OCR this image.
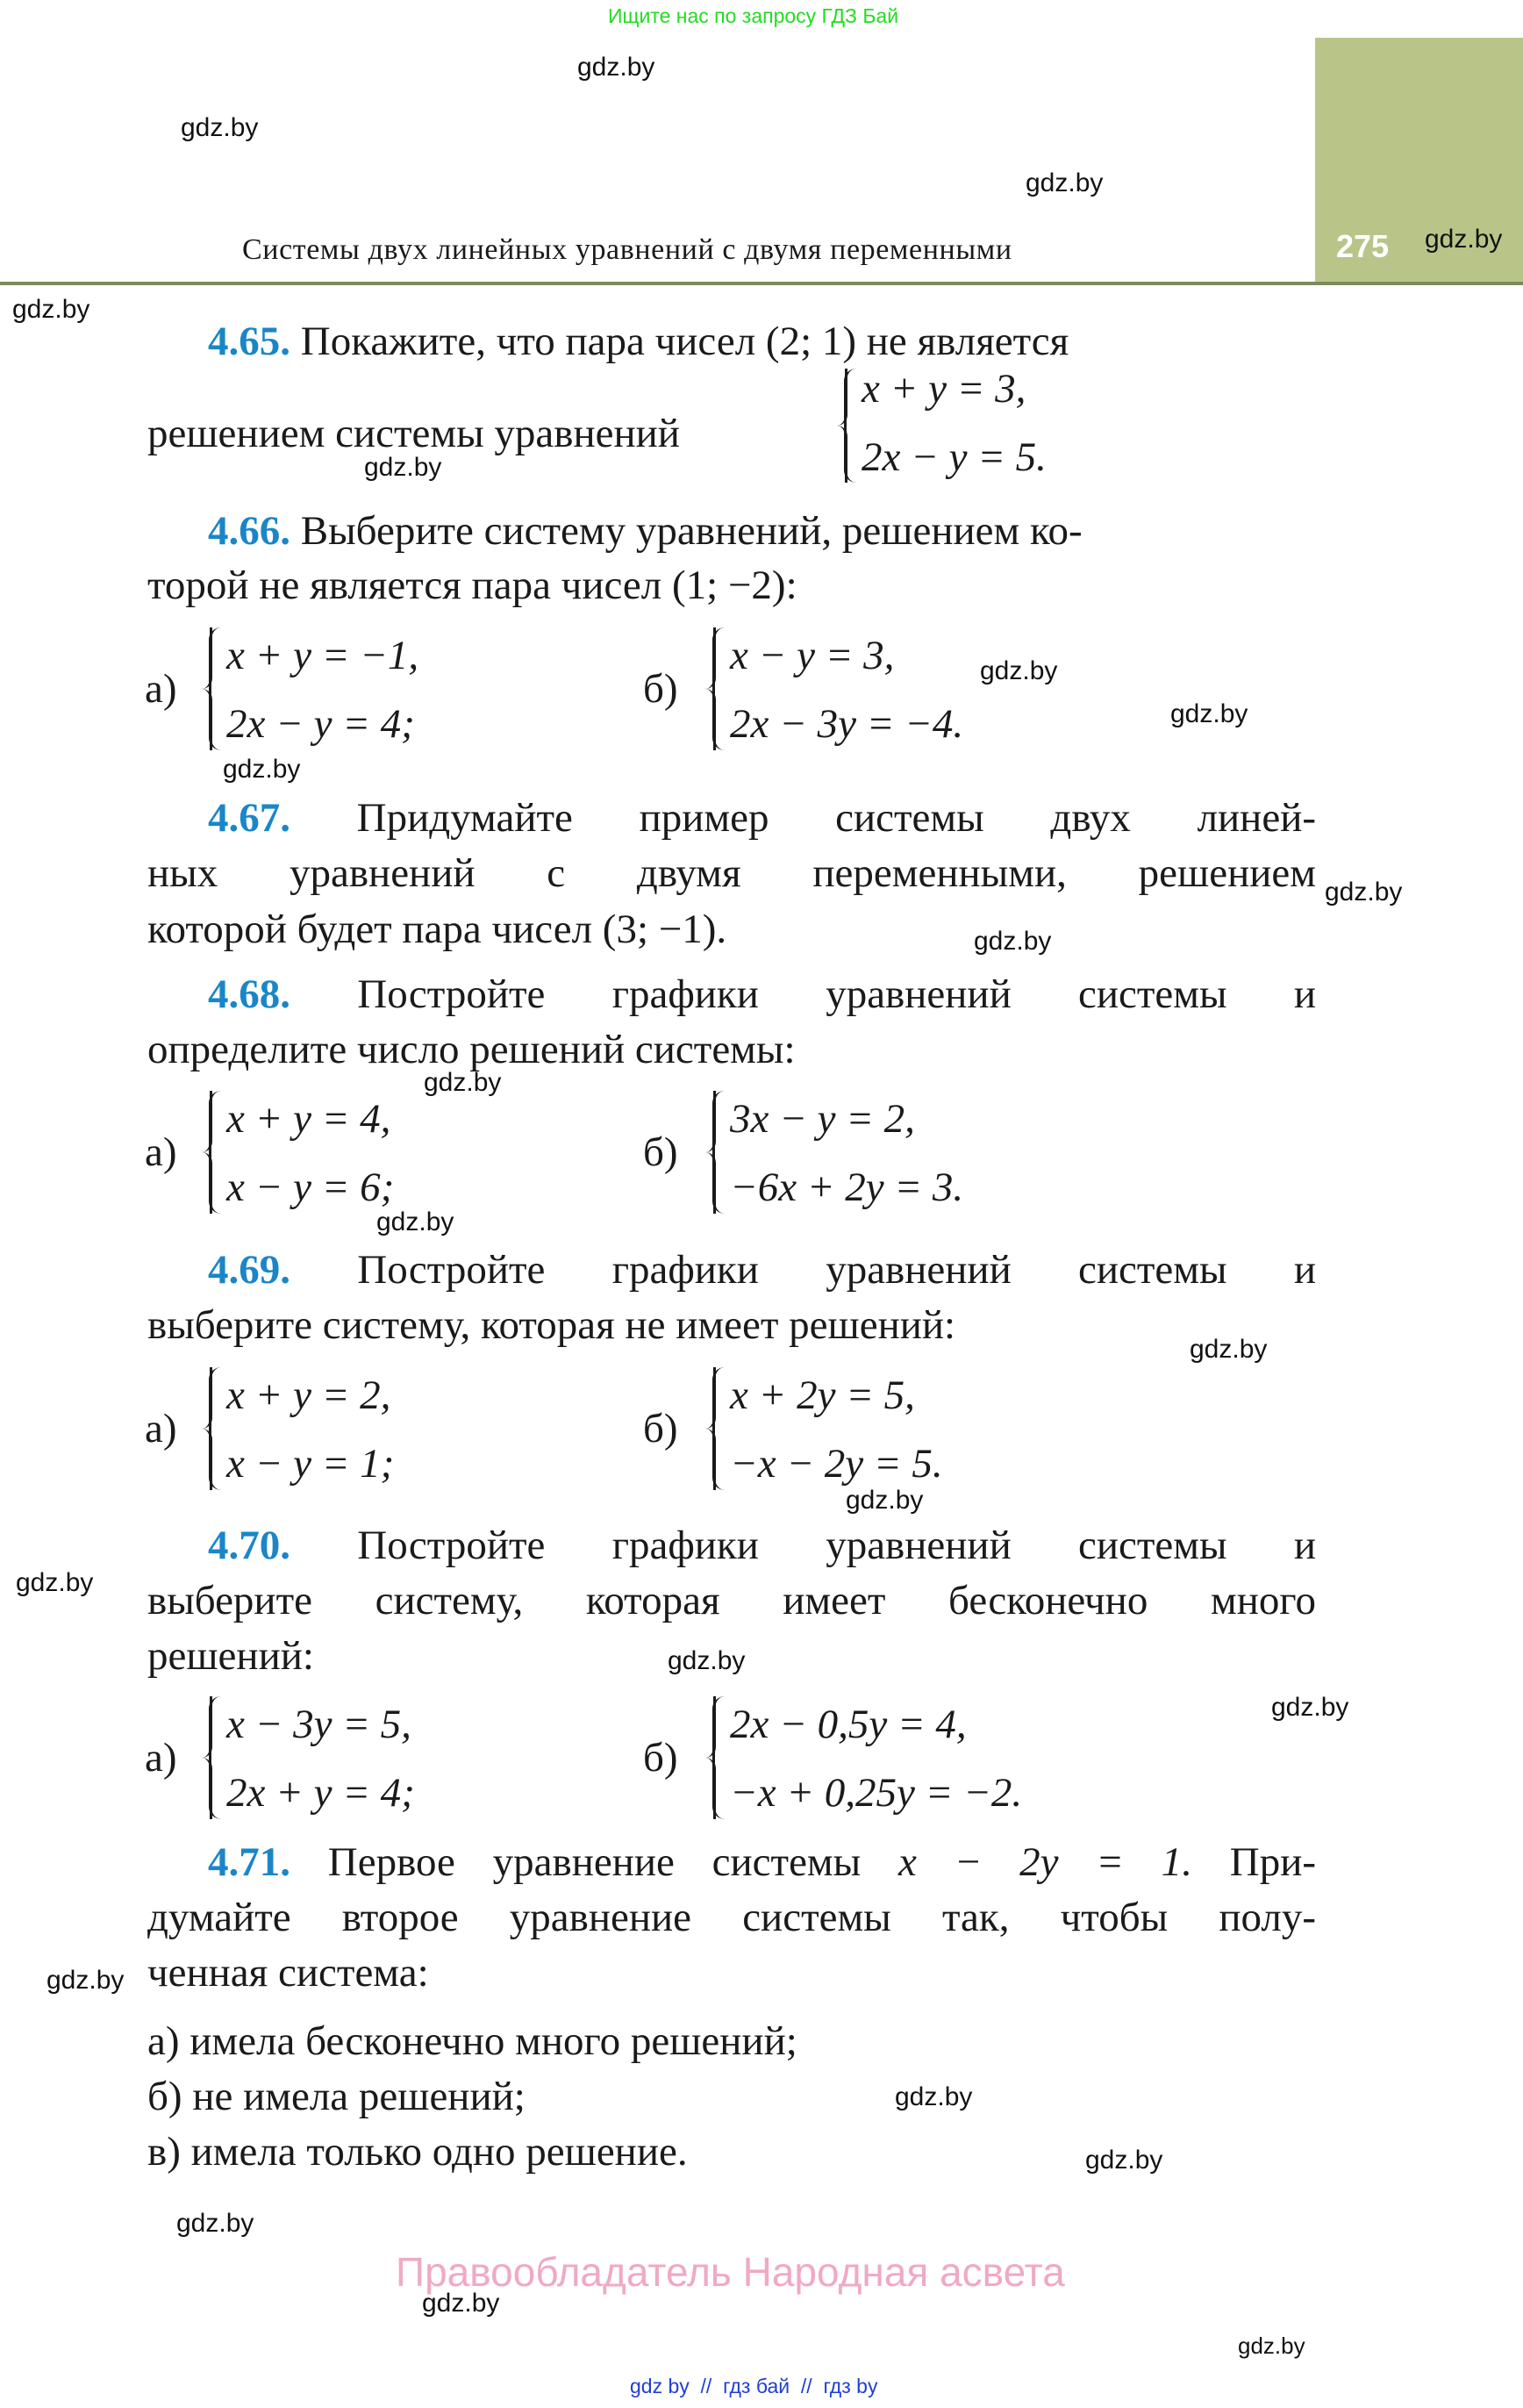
Ищите нас по запросу ГДЗ Бай
Системы двух линейных уравнений с двумя переменными	275
4.65. Покажите, что пара чисел (2; 1) не является
решением системы уравнений
x + y = 3,
2x − y = 5.
4.66. Выберите систему уравнений, решением ко-
торой не является пара чисел (1; −2):
а)
x + y = −1,
2x − y = 4;
б)
x − y = 3,
2x − 3y = −4.
4.67. Придумайте пример системы двух линей-
ных уравнений с двумя переменными, решением
которой будет пара чисел (3; −1).
4.68. Постройте графики уравнений системы и
определите число решений системы:
а)
x + y = 4,
x − y = 6;
б)
3x − y = 2,
−6x + 2y = 3.
4.69. Постройте графики уравнений системы и
выберите систему, которая не имеет решений:
а)
x + y = 2,
x − y = 1;
б)
x + 2y = 5,
−x − 2y = 5.
4.70. Постройте графики уравнений системы и
выберите систему, которая имеет бесконечно много
решений:
а)
x − 3y = 5,
2x + y = 4;
б)
2x − 0,5y = 4,
−x + 0,25y = −2.
4.71. Первое уравнение системы x − 2y = 1. При-
думайте второе уравнение системы так, чтобы полу-
ченная система:
а) имела бесконечно много решений;
б) не имела решений;
в) имела только одно решение.
Правообладатель Народная асвета
gdz by  //  гдз бай  //  гдз by
gdz.by
gdz.by
gdz.by
gdz.by
gdz.by
gdz.by
gdz.by
gdz.by
gdz.by
gdz.by
gdz.by
gdz.by
gdz.by
gdz.by
gdz.by
gdz.by
gdz.by
gdz.by
gdz.by
gdz.by
gdz.by
gdz.by
gdz.by
gdz.by
